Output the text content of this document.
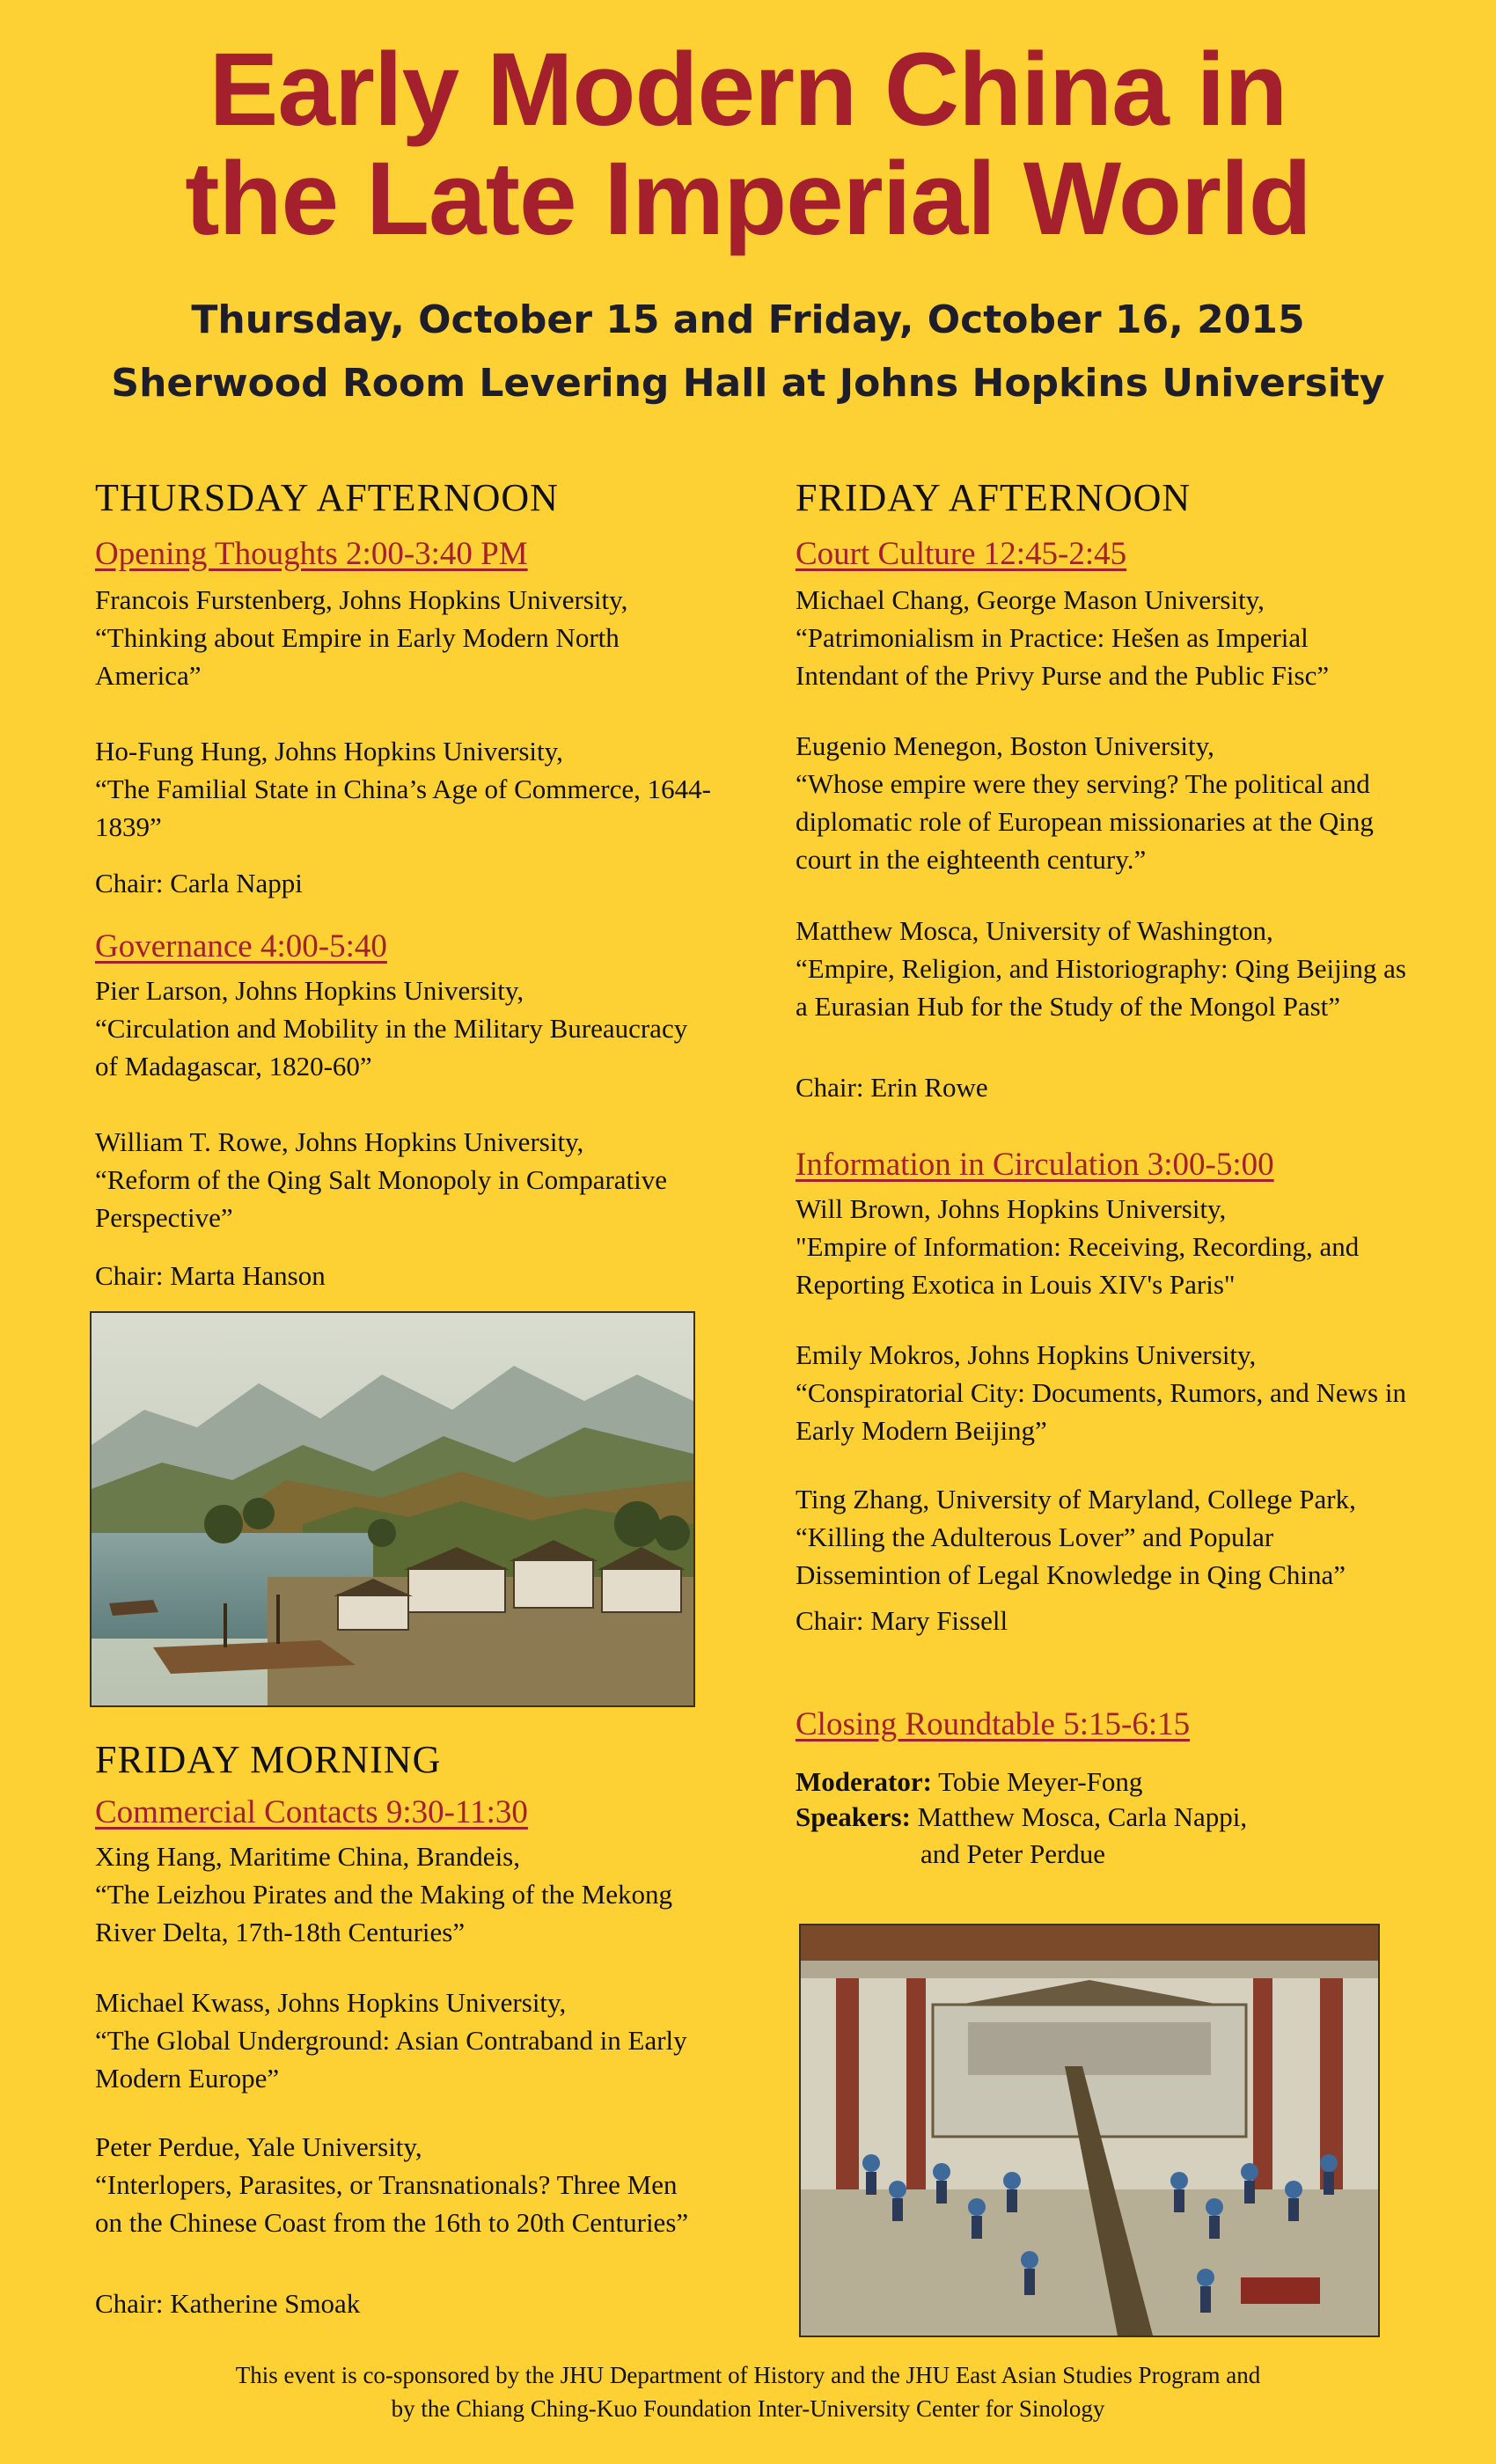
Early Modern China in
the Late Imperial World
Thursday, October 15 and Friday, October 16, 2015
Sherwood Room Levering Hall at Johns Hopkins University
THURSDAY AFTERNOON
Opening Thoughts 2:00-3:40 PM
Francois Furstenberg, Johns Hopkins University,
“Thinking about Empire in Early Modern North America”
Ho-Fung Hung, Johns Hopkins University,
“The Familial State in China’s Age of Commerce, 1644-1839”
Chair: Carla Nappi
Governance 4:00-5:40
Pier Larson, Johns Hopkins University,
“Circulation and Mobility in the Military Bureaucracy of Madagascar, 1820-60”
William T. Rowe, Johns Hopkins University,
“Reform of the Qing Salt Monopoly in Comparative Perspective”
Chair: Marta Hanson
FRIDAY MORNING
Commercial Contacts 9:30-11:30
Xing Hang, Maritime China, Brandeis,
“The Leizhou Pirates and the Making of the Mekong River Delta, 17th-18th Centuries”
Michael Kwass, Johns Hopkins University,
“The Global Underground: Asian Contraband in Early Modern Europe”
Peter Perdue, Yale University,
“Interlopers, Parasites, or Transnationals? Three Men on the Chinese Coast from the 16th to 20th Centuries”
Chair: Katherine Smoak
FRIDAY AFTERNOON
Court Culture 12:45-2:45
Michael Chang, George Mason University,
“Patrimonialism in Practice: Hešen as Imperial Intendant of the Privy Purse and the Public Fisc”
Eugenio Menegon, Boston University,
“Whose empire were they serving? The political and diplomatic role of European missionaries at the Qing court in the eighteenth century.”
Matthew Mosca, University of Washington,
“Empire, Religion, and Historiography: Qing Beijing as a Eurasian Hub for the Study of the Mongol Past”
Chair: Erin Rowe
Information in Circulation 3:00-5:00
Will Brown, Johns Hopkins University,
"Empire of Information: Receiving, Recording, and Reporting Exotica in Louis XIV's Paris"
Emily Mokros, Johns Hopkins University,
“Conspiratorial City: Documents, Rumors, and News in Early Modern Beijing”
Ting Zhang, University of Maryland, College Park,
“Killing the Adulterous Lover” and Popular Dissemintion of Legal Knowledge in Qing China”
Chair: Mary Fissell
Closing Roundtable 5:15-6:15
Moderator: Tobie Meyer-Fong
Speakers: Matthew Mosca, Carla Nappi,
and Peter Perdue
This event is co-sponsored by the JHU Department of History and the JHU East Asian Studies Program and
by the Chiang Ching-Kuo Foundation Inter-University Center for Sinology
